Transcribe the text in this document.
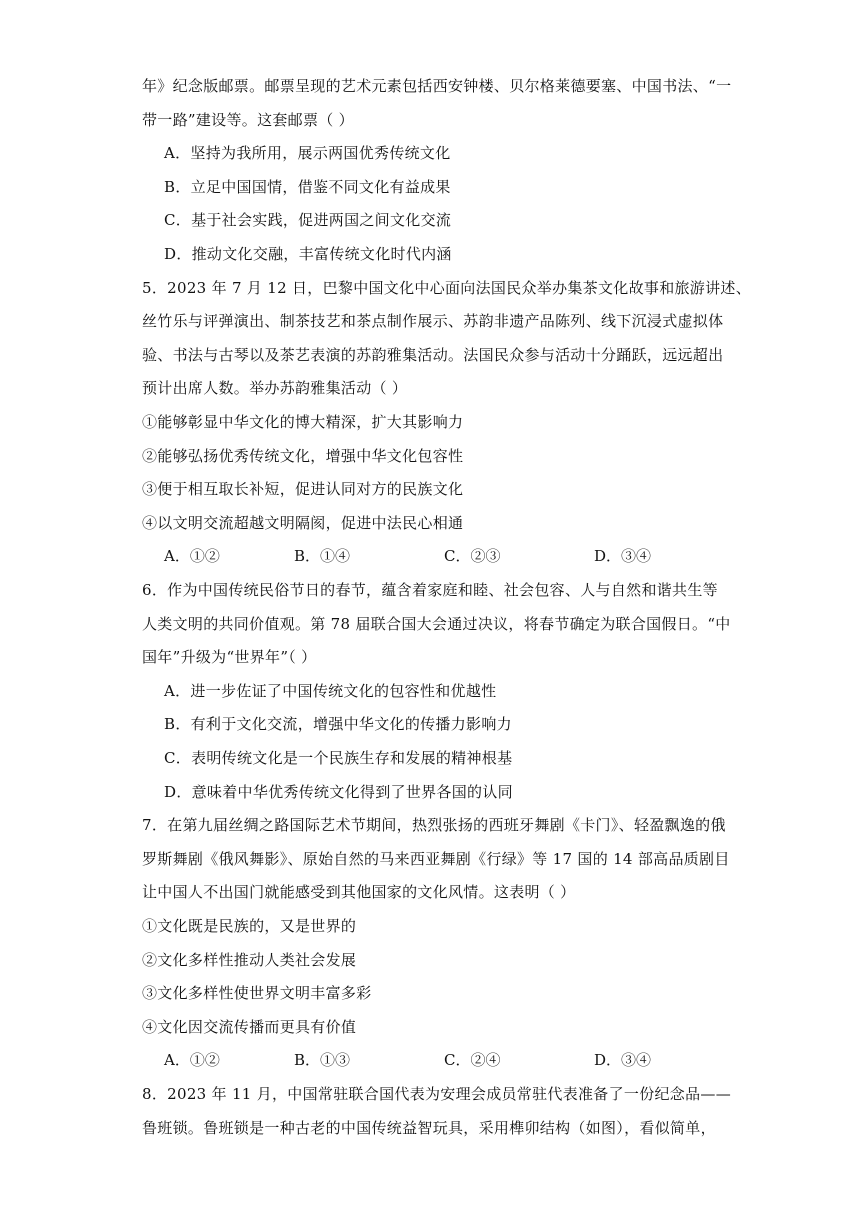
年》纪念版邮票。邮票呈现的艺术元素包括西安钟楼、贝尔格莱德要塞、中国书法、“一
带一路”建设等。这套邮票（ ）
A．坚持为我所用，展示两国优秀传统文化
B．立足中国国情，借鉴不同文化有益成果
C．基于社会实践，促进两国之间文化交流
D．推动文化交融，丰富传统文化时代内涵
5．2023 年 7 月 12 日，巴黎中国文化中心面向法国民众举办集茶文化故事和旅游讲述、
丝竹乐与评弹演出、制茶技艺和茶点制作展示、苏韵非遗产品陈列、线下沉浸式虚拟体
验、书法与古琴以及茶艺表演的苏韵雅集活动。法国民众参与活动十分踊跃，远远超出
预计出席人数。举办苏韵雅集活动（ ）
①能够彰显中华文化的博大精深，扩大其影响力
②能够弘扬优秀传统文化，增强中华文化包容性
③便于相互取长补短，促进认同对方的民族文化
④以文明交流超越文明隔阂，促进中法民心相通
A．①②	B．①④	C．②③	D．③④
6．作为中国传统民俗节日的春节，蕴含着家庭和睦、社会包容、人与自然和谐共生等
人类文明的共同价值观。第 78 届联合国大会通过决议，将春节确定为联合国假日。“中
国年”升级为“世界年”（ ）
A．进一步佐证了中国传统文化的包容性和优越性
B．有利于文化交流，增强中华文化的传播力影响力
C．表明传统文化是一个民族生存和发展的精神根基
D．意味着中华优秀传统文化得到了世界各国的认同
7．在第九届丝绸之路国际艺术节期间，热烈张扬的西班牙舞剧《卡门》、轻盈飘逸的俄
罗斯舞剧《俄风舞影》、原始自然的马来西亚舞剧《行绿》等 17 国的 14 部高品质剧目
让中国人不出国门就能感受到其他国家的文化风情。这表明（ ）
①文化既是民族的，又是世界的
②文化多样性推动人类社会发展
③文化多样性使世界文明丰富多彩
④文化因交流传播而更具有价值
A．①②	B．①③	C．②④	D．③④
8．2023 年 11 月，中国常驻联合国代表为安理会成员常驻代表准备了一份纪念品——
鲁班锁。鲁班锁是一种古老的中国传统益智玩具，采用榫卯结构（如图），看似简单，
